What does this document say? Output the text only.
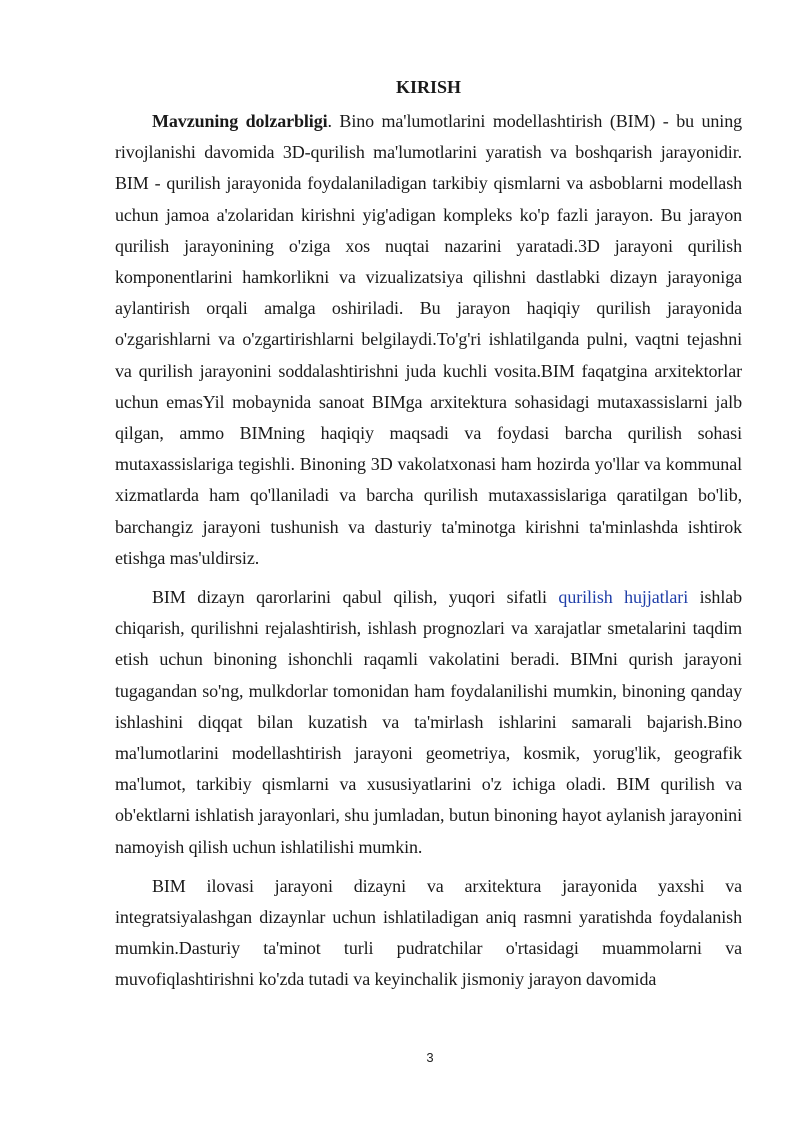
KIRISH

Mavzuning dolzarbligi. Bino ma'lumotlarini modellashtirish (BIM) - bu uning rivojlanishi davomida 3D-qurilish ma'lumotlarini yaratish va boshqarish jarayonidir. BIM - qurilish jarayonida foydalaniladigan tarkibiy qismlarni va asboblarni modellash uchun jamoa a'zolaridan kirishni yig'adigan kompleks ko'p fazli jarayon. Bu jarayon qurilish jarayonining o'ziga xos nuqtai nazarini yaratadi.3D jarayoni qurilish komponentlarini hamkorlikni va vizualizatsiya qilishni dastlabki dizayn jarayoniga aylantirish orqali amalga oshiriladi. Bu jarayon haqiqiy qurilish jarayonida o'zgarishlarni va o'zgartirishlarni belgilaydi.To'g'ri ishlatilganda pulni, vaqtni tejashni va qurilish jarayonini soddalashtirishni juda kuchli vosita.BIM faqatgina arxitektorlar uchun emasYil mobaynida sanoat BIMga arxitektura sohasidagi mutaxassislarni jalb qilgan, ammo BIMning haqiqiy maqsadi va foydasi barcha qurilish sohasi mutaxassislariga tegishli. Binoning 3D vakolatxonasi ham hozirda yo'llar va kommunal xizmatlarda ham qo'llaniladi va barcha qurilish mutaxassislariga qaratilgan bo'lib, barchangiz jarayoni tushunish va dasturiy ta'minotga kirishni ta'minlashda ishtirok etishga mas'uldirsiz.

BIM dizayn qarorlarini qabul qilish, yuqori sifatli qurilish hujjatlari ishlab chiqarish, qurilishni rejalashtirish, ishlash prognozlari va xarajatlar smetalarini taqdim etish uchun binoning ishonchli raqamli vakolatini beradi. BIMni qurish jarayoni tugagandan so'ng, mulkdorlar tomonidan ham foydalanilishi mumkin, binoning qanday ishlashini diqqat bilan kuzatish va ta'mirlash ishlarini samarali bajarish.Bino ma'lumotlarini modellashtirish jarayoni geometriya, kosmik, yorug'lik, geografik ma'lumot, tarkibiy qismlarni va xususiyatlarini o'z ichiga oladi. BIM qurilish va ob'ektlarni ishlatish jarayonlari, shu jumladan, butun binoning hayot aylanish jarayonini namoyish qilish uchun ishlatilishi mumkin.

BIM ilovasi jarayoni dizayni va arxitektura jarayonida yaxshi va integratsiyalashgan dizaynlar uchun ishlatiladigan aniq rasmni yaratishda foydalanish mumkin.Dasturiy ta'minot turli pudratchilar o'rtasidagi muammolarni va muvofiqlashtirishni ko'zda tutadi va keyinchalik jismoniy jarayon davomida

3
